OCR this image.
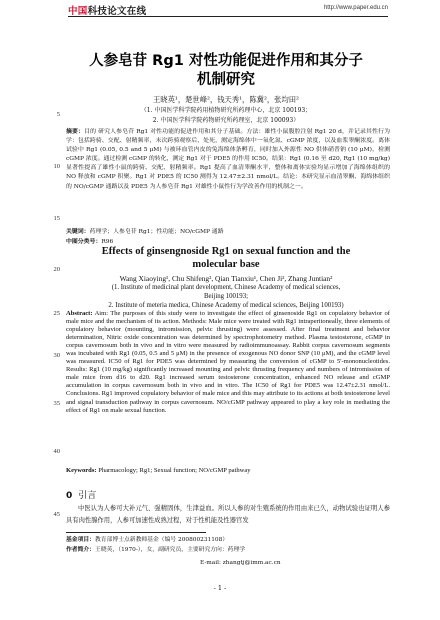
中国科技论文在线	http://www.paper.edu.cn
5
10
15
20
25
30
35
40
45
人参皂苷 Rg1 对性功能促进作用和其分子
机制研究
王晓英¹，楚世峰²，钱天秀¹，陈冀²，张均田²
（1. 中国医学科学院药用植物研究所药理中心，北京 100193；
2. 中国医学科学院药物研究所药理室，北京 100093）
摘要：目的 研究人参皂苷 Rg1 对性功能的促进作用和其分子基础。方法：雄性小鼠腹腔注射 Rg1 20 d，并记录其性行为学：包括跨骑、交配、射精频率，未次跨骑观察后，处死，测定海绵体中一氧化氮、cGMP 浓度，以及血浆睾酮浓度。离体试验中 Rg1 (0.05, 0.5 and 5 μM) 与被环血管内皮的兔海绵体条孵育，同时加入外源性 NO 供体硝普钠 (10 μM)，检测 cGMP 浓度。通过检测 cGMP 的转化，测定 Rg1 对于 PDE5 的作用 IC50。结果：Rg1 (0.16 至 d20, Rg1 (10 mg/kg) 显著性提高了雄性小鼠的跨骑、交配、射精频率。Rg1 提高了血清睾酮水平，整体和离体实验均显示增加了海绵体组织的 NO 释放和 cGMP 积聚。Rg1 对 PDE5 的 IC50 测得为 12.47±2.31 nmol/L。结论：本研究显示血清睾酮、海绵体组织的 NO/cGMP 通路以及 PDE5 为人参皂苷 Rg1 对雄性小鼠性行为学改善作用的机制之一。
关键词：药理学；人参皂苷 Rg1；性功能；NO/cGMP 通路
中图分类号：R96
Effects of ginsengnoside Rg1 on sexual function and the
molecular base
Wang Xiaoying¹, Chu Shifeng², Qian Tianxiu¹, Chen Ji², Zhang Juntian²
(1. Institute of medicinal plant development, Chinese Academy of medical sciences,
Beijing 100193;
2. Institute of meteria medica, Chinese Academy of medical sciences, Beijing 100193)
Abstract: Aim: The purposes of this study were to investigate the effect of ginsenoside Rg1 on copulatory behavior of male mice and the mechanism of its action. Methods: Male mice were treated with Rg1 intraperitoneally, three elements of copulatory behavior (mounting, intromission, pelvic thrusting) were assessed. After final treatment and behavior determination, Nitric oxide concentration was determined by spectrophotometry method. Plasma testosterone, cGMP in corpus cavernosum both in vivo and in vitro were measured by radioimmunoassay. Rabbit corpus cavernosum segments was incubated with Rg1 (0.05, 0.5 and 5 μM) in the presence of exogenous NO donor SNP (10 μM), and the cGMP level was measured. IC50 of Rg1 for PDE5 was determined by measuring the conversion of cGMP to 5'-mononucleotides. Results: Rg1 (10 mg/kg) significantly increased mounting and pelvic thrusting frequency and numbers of intromission of male mice from d16 to d20. Rg1 increased serum testosterone concentration, enhanced NO release and cGMP accumulation in corpus cavernosum both in vivo and in vitro. The IC50 of Rg1 for PDE5 was 12.47±2.31 nmol/L. Conclusions. Rg1 improved copulatory behavior of male mice and this may attribute to its actions at both testosterone level and signal transduction pathway in corpus cavernosum. NO/cGMP pathway appeared to play a key role in mediating the effect of Rg1 on male sexual function.
Keywords: Pharmacology; Rg1; Sexual function; NO/cGMP pathway
0 引言
中医认为人参可大补元气、强精固体，生津益血。所以人参的对生殖系统的作用由来已久，动物试验也证明人参具有肉性腺作用，人参可加速性成熟过程，对于性机能及性器官发
基金项目：教育部博士点新教师基金（编号 200800231108）
作者简介：王晓英，（1970-），女，副研究员，主要研究方向：药理学
E-mail: zhangtj@imm.ac.cn
- 1 -
